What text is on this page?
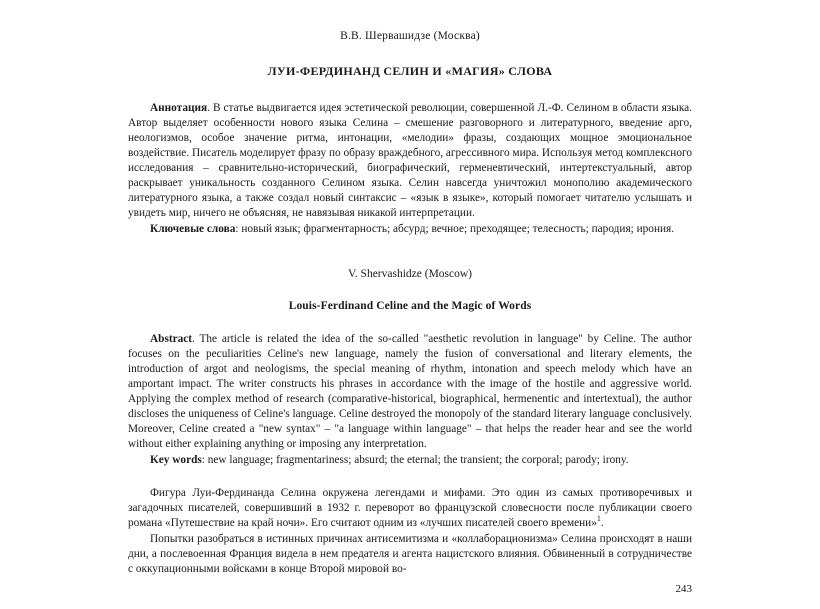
В.В. Шервашидзе (Москва)
ЛУИ-ФЕРДИНАНД СЕЛИН И «МАГИЯ» СЛОВА

Аннотация. В статье выдвигается идея эстетической революции, совершенной Л.-Ф. Селином в области языка. Автор выделяет особенности нового языка Селина – смешение разговорного и литературного, введение арго, неологизмов, особое значение ритма, интонации, «мелодии» фразы, создающих мощное эмоциональное воздействие. Писатель моделирует фразу по образу враждебного, агрессивного мира. Используя метод комплексного исследования – сравнительно-исторический, биографический, герменевтический, интертекстуальный, автор раскрывает уникальность созданного Селином языка. Селин навсегда уничтожил монополию академического литературного языка, а также создал новый синтаксис – «язык в языке», который помогает читателю услышать и увидеть мир, ничего не объясняя, не навязывая никакой интерпретации.

Ключевые слова: новый язык; фрагментарность; абсурд; вечное; преходящее; телесность; пародия; ирония.

V. Shervashidze (Moscow)
Louis-Ferdinand Celine and the Magic of Words

Abstract. The article is related the idea of the so-called "aesthetic revolution in language" by Celine. The author focuses on the peculiarities Celine's new language, namely the fusion of conversational and literary elements, the introduction of argot and neologisms, the special meaning of rhythm, intonation and speech melody which have an amportant impact. The writer constructs his phrases in accordance with the image of the hostile and aggressive world. Applying the complex method of research (comparative-historical, biographical, hermenentic and intertextual), the author discloses the uniqueness of Celine's language. Celine destroyed the monopoly of the standard literary language conclusively. Moreover, Celine created a "new syntax" – "a language within language" – that helps the reader hear and see the world without either explaining anything or imposing any interpretation.

Key words: new language; fragmentariness; absurd; the eternal; the transient; the corporal; parody; irony.

Фигура Луи-Фердинанда Селина окружена легендами и мифами. Это один из самых противоречивых и загадочных писателей, совершивший в 1932 г. переворот во французской словесности после публикации своего романа «Путешествие на край ночи». Его считают одним из «лучших писателей своего времени»$^1$.

Попытки разобраться в истинных причинах антисемитизма и «коллаборационизма» Селина происходят в наши дни, а послевоенная Франция видела в нем предателя и агента нацистского влияния. Обвиненный в сотрудничестве с оккупационными войсками в конце Второй мировой во-

243
